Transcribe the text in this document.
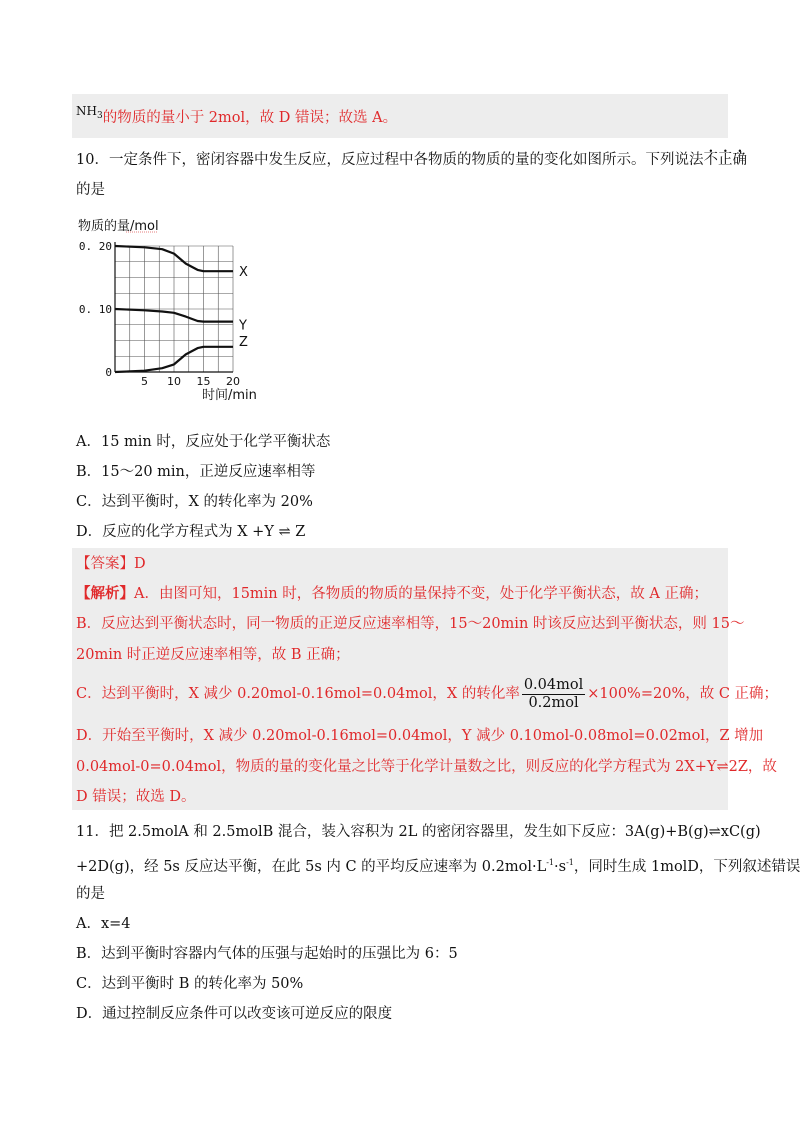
$^{NH_3}$的物质的量小于 2mol，故 D 错误；故选 A。
10．一定条件下，密闭容器中发生反应，反应过程中各物质的物质的量的变化如图所示。下列说法不正确
的是
物质的量/mol
0
0. 10
0. 20
5 10 15 20
X
Y
Z
时间/min
A．15 min 时，反应处于化学平衡状态
B．15～20 min，正逆反应速率相等
C．达到平衡时，X 的转化率为 20%
D．反应的化学方程式为 X +Y ⇌ Z
【答案】D
【解析】A．由图可知，15min 时，各物质的物质的量保持不变，处于化学平衡状态，故 A 正确；
B．反应达到平衡状态时，同一物质的正逆反应速率相等，15～20min 时该反应达到平衡状态，则 15～
20min 时正逆反应速率相等，故 B 正确；
C．达到平衡时，X 减少 0.20mol-0.16mol=0.04mol，X 的转化率 $\frac{\text{0.04mol}}{\text{0.2mol}} \times 100\%=20\%$，故 C 正确；
D．开始至平衡时，X 减少 0.20mol-0.16mol=0.04mol，Y 减少 0.10mol-0.08mol=0.02mol，Z 增加
0.04mol-0=0.04mol，物质的量的变化量之比等于化学计量数之比，则反应的化学方程式为 2X+Y⇌2Z，故
D 错误；故选 D。
11．把 2.5molA 和 2.5molB 混合，装入容积为 2L 的密闭容器里，发生如下反应：3A(g)+B(g)⇌xC(g)
+2D(g)，经 5s 反应达平衡，在此 5s 内 C 的平均反应速率为 $0.2mol\cdot L^{-1}\cdot s^{-1}$，同时生成 1molD，下列叙述错误
的是
A．x=4
B．达到平衡时容器内气体的压强与起始时的压强比为 6：5
C．达到平衡时 B 的转化率为 50%
D．通过控制反应条件可以改变该可逆反应的限度
